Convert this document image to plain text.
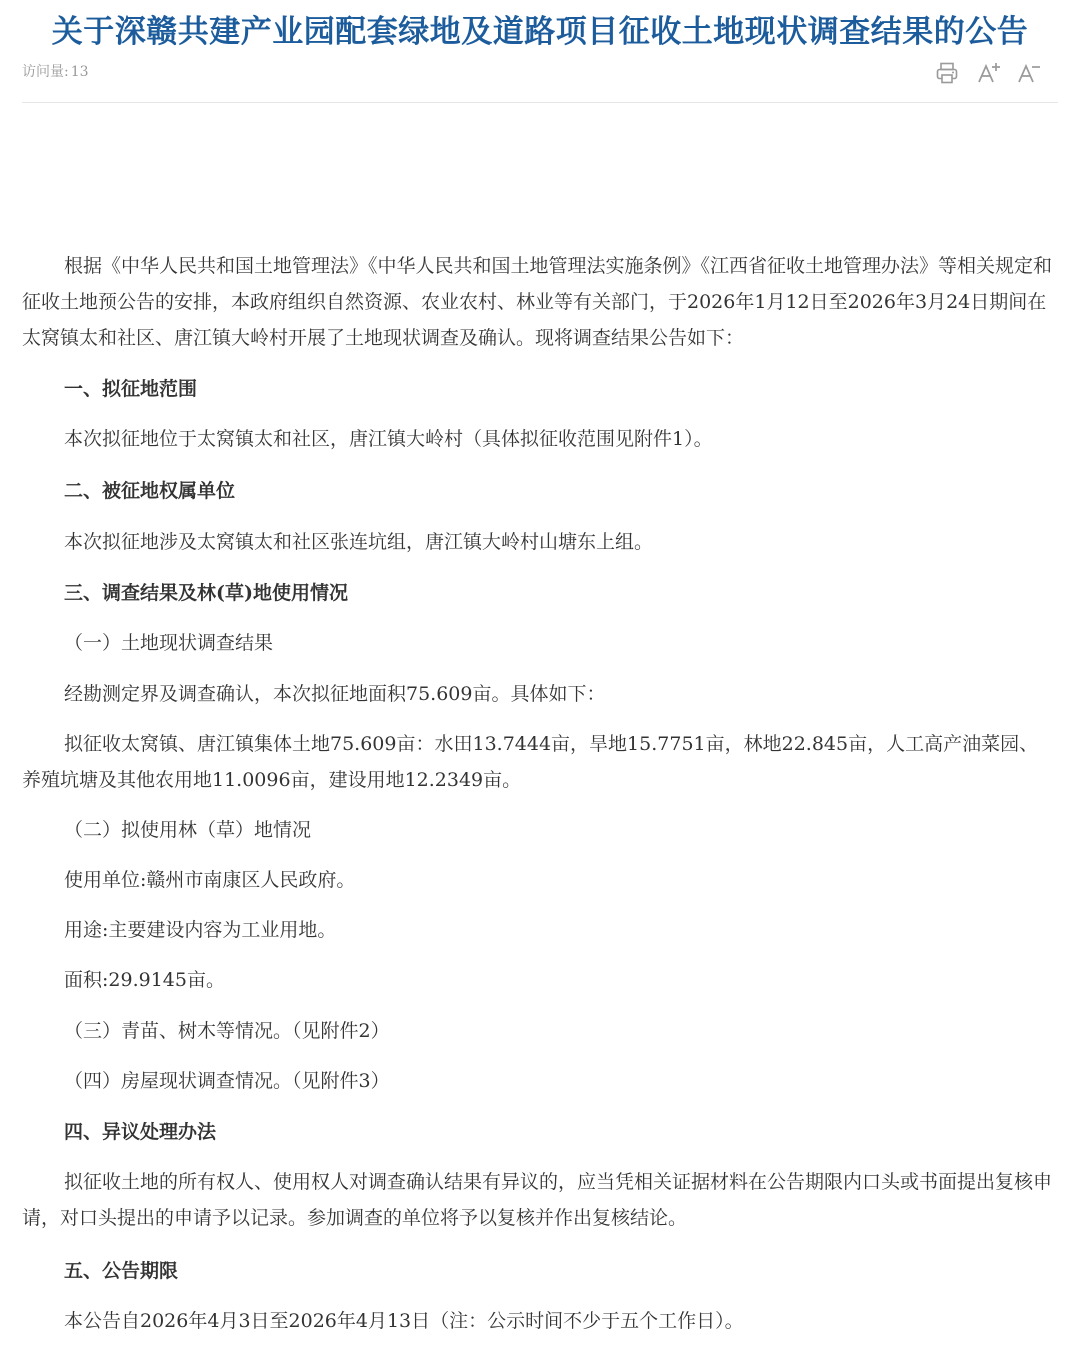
关于深赣共建产业园配套绿地及道路项目征收土地现状调查结果的公告
访问量: 13

根据《中华人民共和国土地管理法》《中华人民共和国土地管理法实施条例》《江西省征收土地管理办法》等相关规定和征收土地预公告的安排，本政府组织自然资源、农业农村、林业等有关部门，于2026年1月12日至2026年3月24日期间在太窝镇太和社区、唐江镇大岭村开展了土地现状调查及确认。现将调查结果公告如下：

一、拟征地范围

本次拟征地位于太窝镇太和社区，唐江镇大岭村（具体拟征收范围见附件1）。

二、被征地权属单位

本次拟征地涉及太窝镇太和社区张连坑组，唐江镇大岭村山塘东上组。

三、调查结果及林(草)地使用情况

（一）土地现状调查结果

经勘测定界及调查确认，本次拟征地面积75.609亩。具体如下：

拟征收太窝镇、唐江镇集体土地75.609亩：水田13.7444亩，旱地15.7751亩，林地22.845亩，人工高产油菜园、养殖坑塘及其他农用地11.0096亩，建设用地12.2349亩。

（二）拟使用林（草）地情况

使用单位:赣州市南康区人民政府。

用途:主要建设内容为工业用地。

面积:29.9145亩。

（三）青苗、树木等情况。（见附件2）

（四）房屋现状调查情况。（见附件3）

四、异议处理办法

拟征收土地的所有权人、使用权人对调查确认结果有异议的，应当凭相关证据材料在公告期限内口头或书面提出复核申请，对口头提出的申请予以记录。参加调查的单位将予以复核并作出复核结论。

五、公告期限

本公告自2026年4月3日至2026年4月13日（注：公示时间不少于五个工作日）。
